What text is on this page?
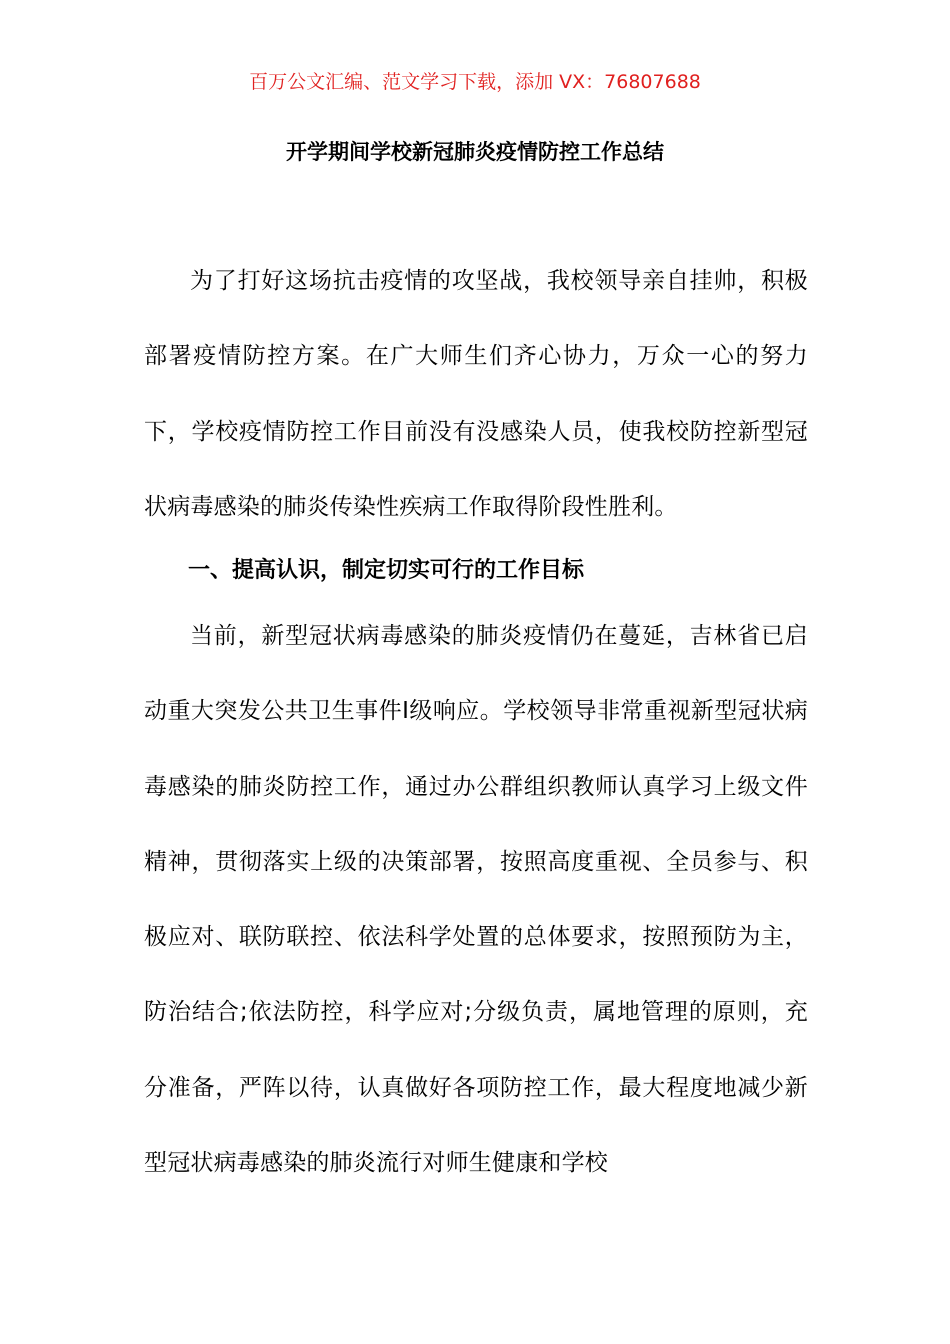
百万公文汇编、范文学习下载，添加 VX：76807688
开学期间学校新冠肺炎疫情防控工作总结

为了打好这场抗击疫情的攻坚战，我校领导亲自挂帅，积极部署疫情防控方案。在广大师生们齐心协力，万众一心的努力下，学校疫情防控工作目前没有没感染人员，使我校防控新型冠状病毒感染的肺炎传染性疾病工作取得阶段性胜利。

一、提高认识，制定切实可行的工作目标

当前，新型冠状病毒感染的肺炎疫情仍在蔓延，吉林省已启动重大突发公共卫生事件Ⅰ级响应。学校领导非常重视新型冠状病毒感染的肺炎防控工作，通过办公群组织教师认真学习上级文件精神，贯彻落实上级的决策部署，按照高度重视、全员参与、积极应对、联防联控、依法科学处置的总体要求，按照预防为主，防治结合;依法防控，科学应对;分级负责，属地管理的原则，充分准备，严阵以待，认真做好各项防控工作，最大程度地减少新型冠状病毒感染的肺炎流行对师生健康和学校
